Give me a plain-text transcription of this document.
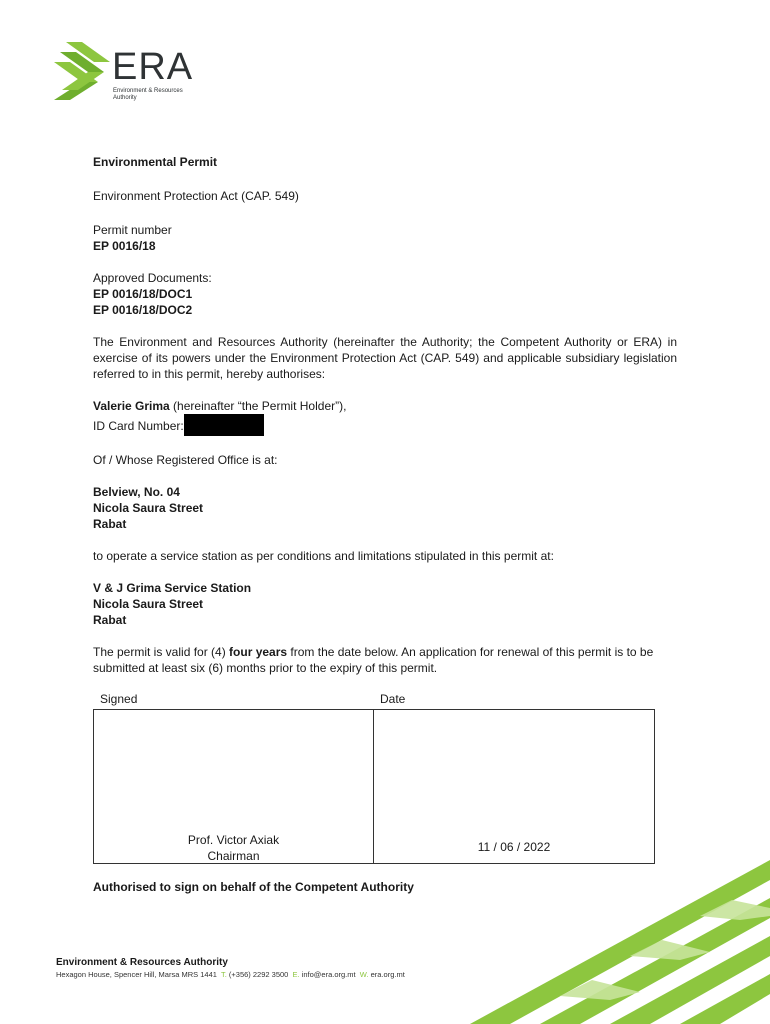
ERA
Environment & Resources Authority

Environmental Permit

Environment Protection Act (CAP. 549)

Permit number

EP 0016/18

Approved Documents:

EP 0016/18/DOC1

EP 0016/18/DOC2

The Environment and Resources Authority (hereinafter the Authority; the Competent Authority or ERA) in exercise of its powers under the Environment Protection Act (CAP. 549) and applicable subsidiary legislation referred to in this permit, hereby authorises:

Valerie Grima (hereinafter “the Permit Holder”),

ID Card Number:

Of / Whose Registered Office is at:

Belview, No. 04

Nicola Saura Street

Rabat

to operate a service station as per conditions and limitations stipulated in this permit at:

V & J Grima Service Station

Nicola Saura Street

Rabat

The permit is valid for (4) four years from the date below. An application for renewal of this permit is to be submitted at least six (6) months prior to the expiry of this permit.

Signed	Date
Prof. Victor Axiak
Chairman
11 / 06 / 2022
Authorised to sign on behalf of the Competent Authority
Environment & Resources Authority
Hexagon House, Spencer Hill, Marsa MRS 1441 T. (+356) 2292 3500 E. info@era.org.mt W. era.org.mt
